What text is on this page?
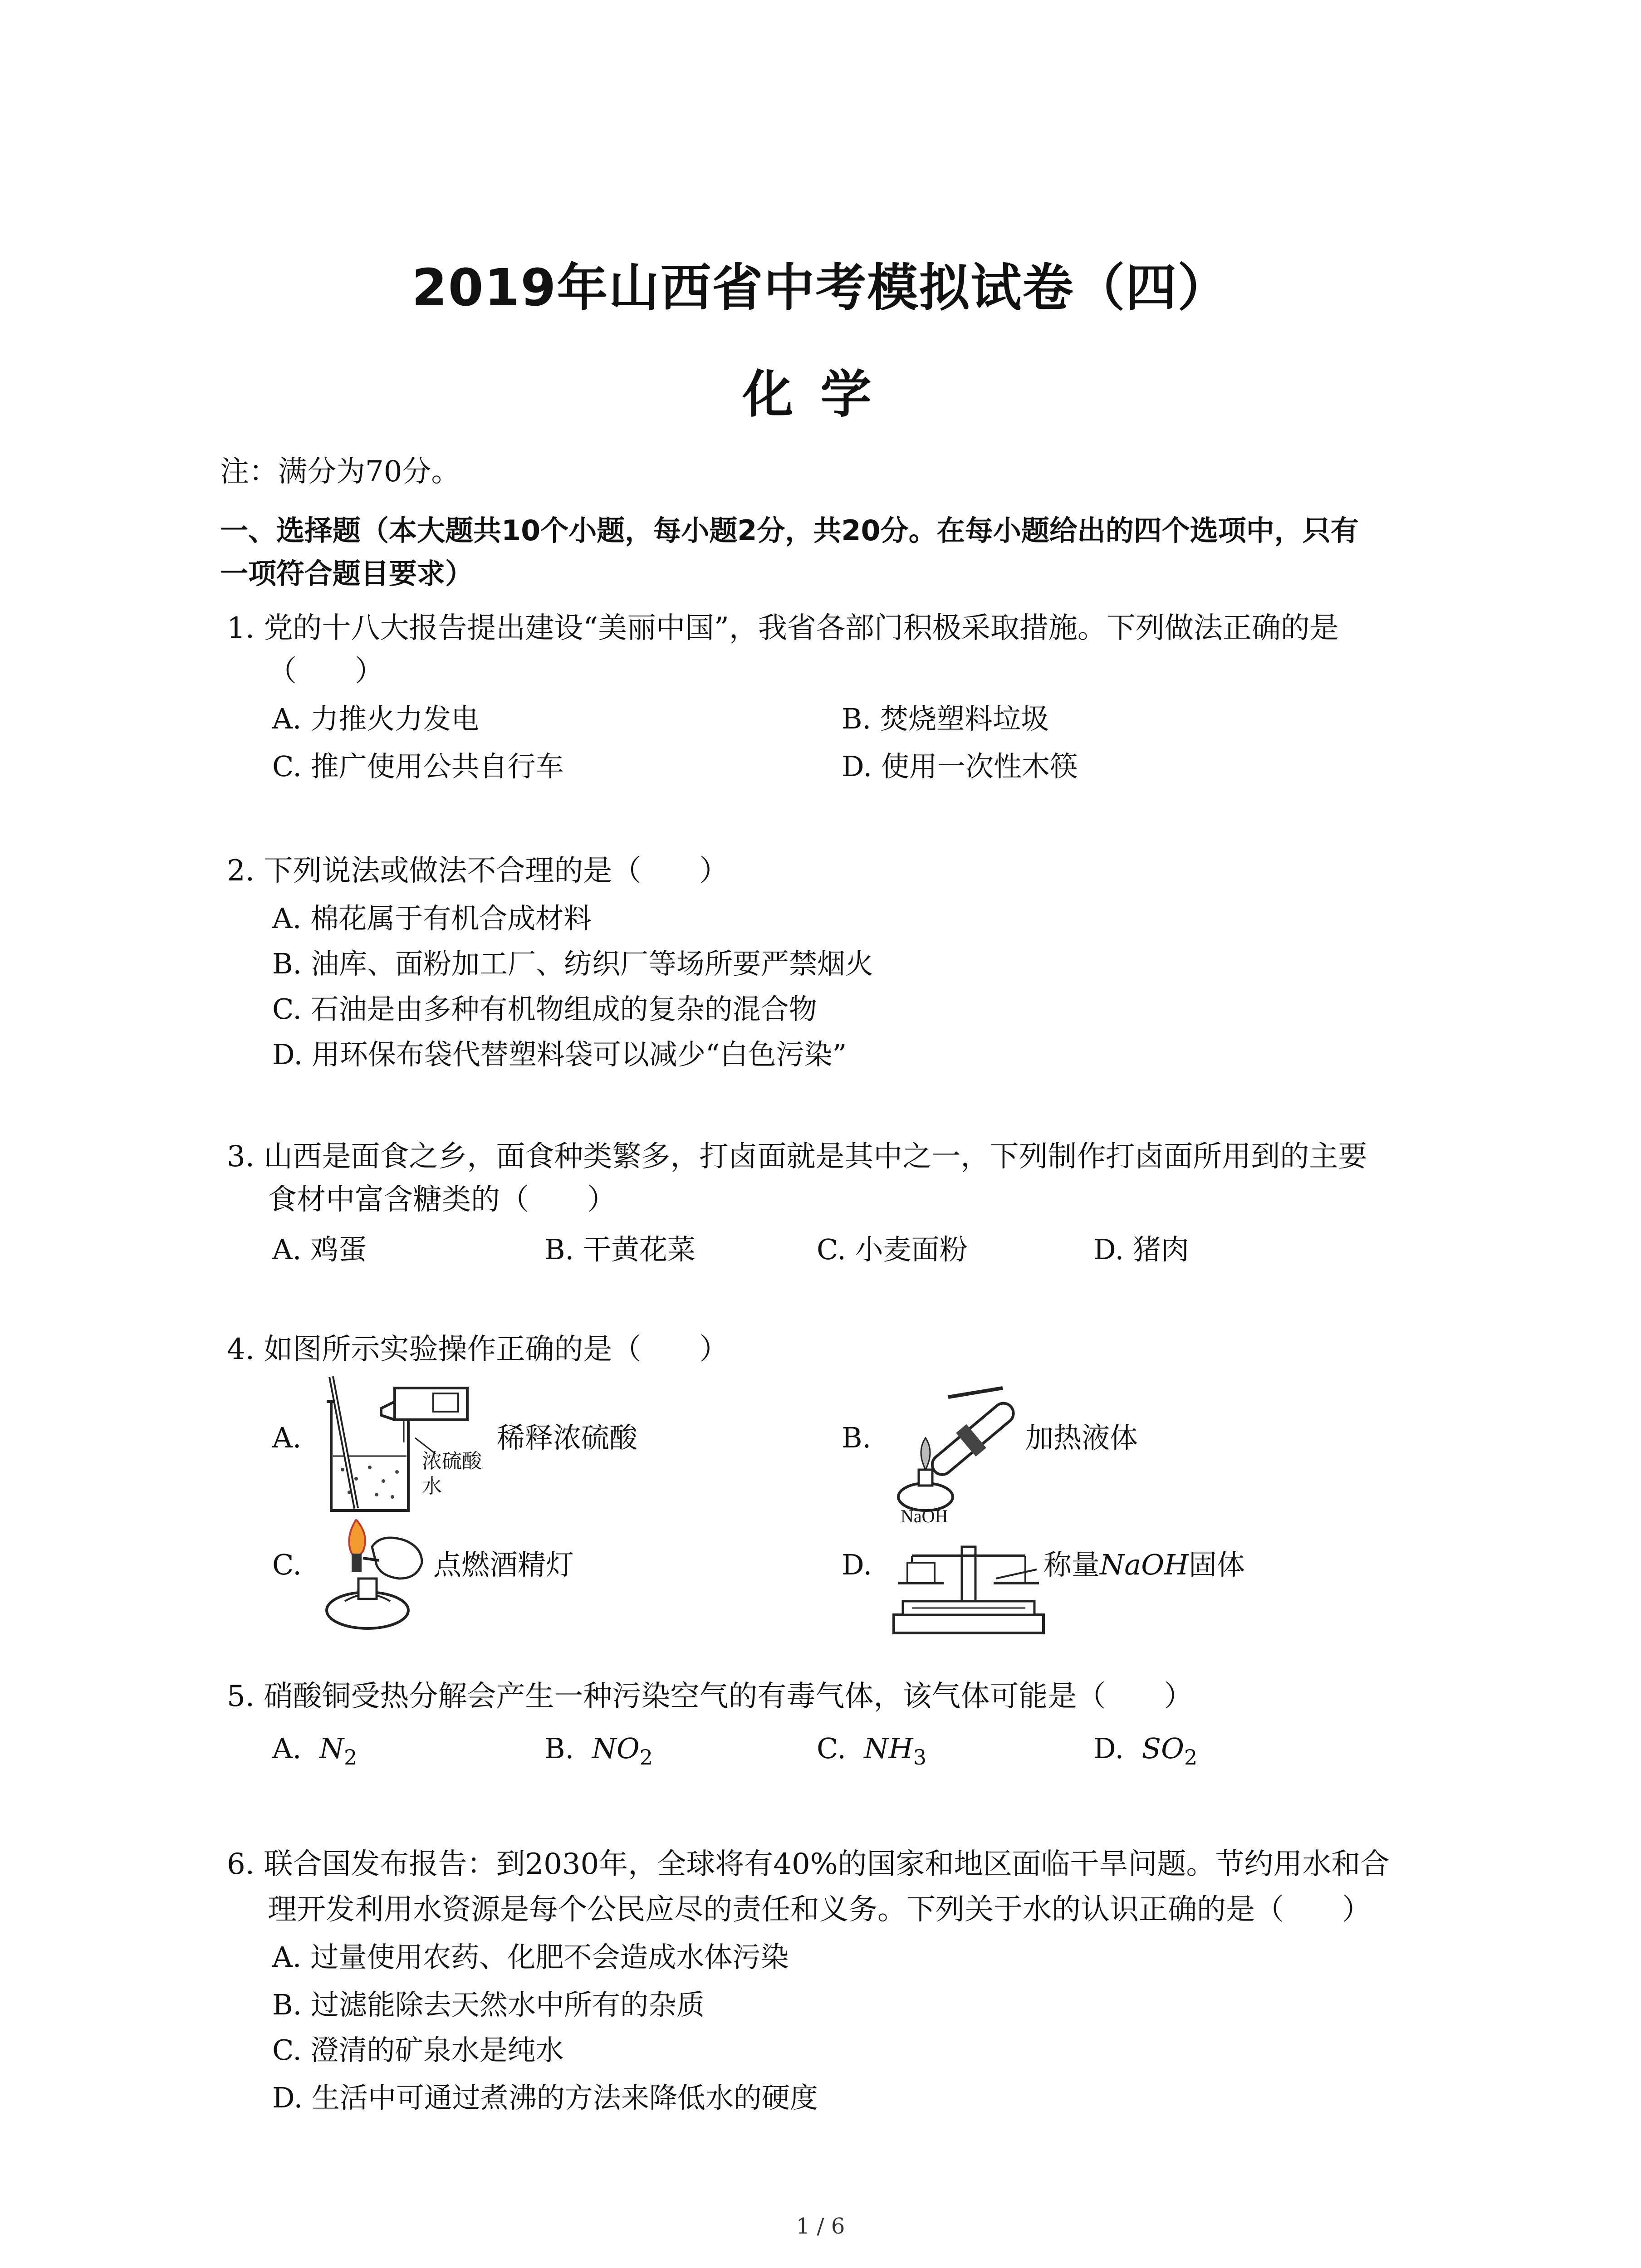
2019年山西省中考模拟试卷（四）
化学
注：满分为70分。
一、选择题（本大题共10个小题，每小题2分，共20分。在每小题给出的四个选项中，只有
一项符合题目要求）
1. 党的十八大报告提出建设“美丽中国”，我省各部门积极采取措施。下列做法正确的是
（　　）
A. 力推火力发电	B. 焚烧塑料垃圾
C. 推广使用公共自行车	D. 使用一次性木筷
2. 下列说法或做法不合理的是（　　）
A. 棉花属于有机合成材料
B. 油库、面粉加工厂、纺织厂等场所要严禁烟火
C. 石油是由多种有机物组成的复杂的混合物
D. 用环保布袋代替塑料袋可以减少“白色污染”
3. 山西是面食之乡，面食种类繁多，打卤面就是其中之一，下列制作打卤面所用到的主要
食材中富含糖类的（　　）
A. 鸡蛋	B. 干黄花菜	C. 小麦面粉	D. 猪肉
4. 如图所示实验操作正确的是（　　）
A.
浓硫酸
水
稀释浓硫酸	B.	加热液体
C.	点燃酒精灯	D.
NaOH
称量NaOH固体
5. 硝酸铜受热分解会产生一种污染空气的有毒气体，该气体可能是（　　）
A. $N_2$	B. $NO_2$	C. $NH_3$	D. $SO_2$
6. 联合国发布报告：到2030年，全球将有40%的国家和地区面临干旱问题。节约用水和合
理开发利用水资源是每个公民应尽的责任和义务。下列关于水的认识正确的是（　　）
A. 过量使用农药、化肥不会造成水体污染
B. 过滤能除去天然水中所有的杂质
C. 澄清的矿泉水是纯水
D. 生活中可通过煮沸的方法来降低水的硬度
1 / 6
